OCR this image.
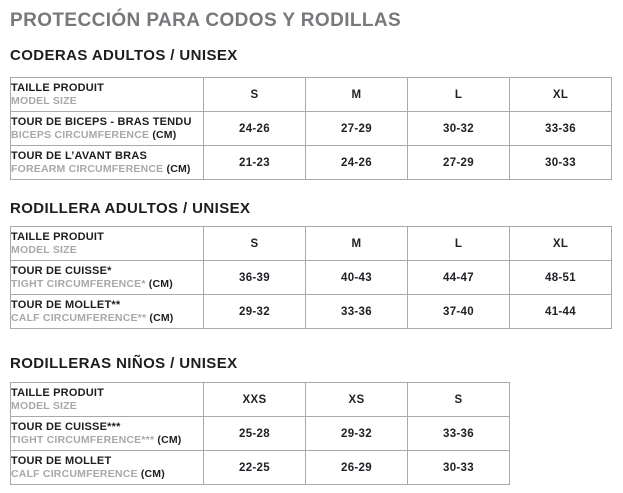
PROTECCIÓN PARA CODOS Y RODILLAS
CODERAS ADULTOS / UNISEX
TAILLE PRODUIT
MODEL SIZE	S	M	L	XL

TOUR DE BICEPS - BRAS TENDU
BICEPS CIRCUMFERENCE (CM)	24-26	27-29	30-32	33-36

TOUR DE L’AVANT BRAS
FOREARM CIRCUMFERENCE (CM)	21-23	24-26	27-29	30-33
RODILLERA ADULTOS / UNISEX
TAILLE PRODUIT
MODEL SIZE	S	M	L	XL

TOUR DE CUISSE*
TIGHT CIRCUMFERENCE* (CM)	36-39	40-43	44-47	48-51

TOUR DE MOLLET**
CALF CIRCUMFERENCE** (CM)	29-32	33-36	37-40	41-44
RODILLERAS NIÑOS / UNISEX
TAILLE PRODUIT
MODEL SIZE	XXS	XS	S

TOUR DE CUISSE***
TIGHT CIRCUMFERENCE*** (CM)	25-28	29-32	33-36

TOUR DE MOLLET
CALF CIRCUMFERENCE (CM)	22-25	26-29	30-33
